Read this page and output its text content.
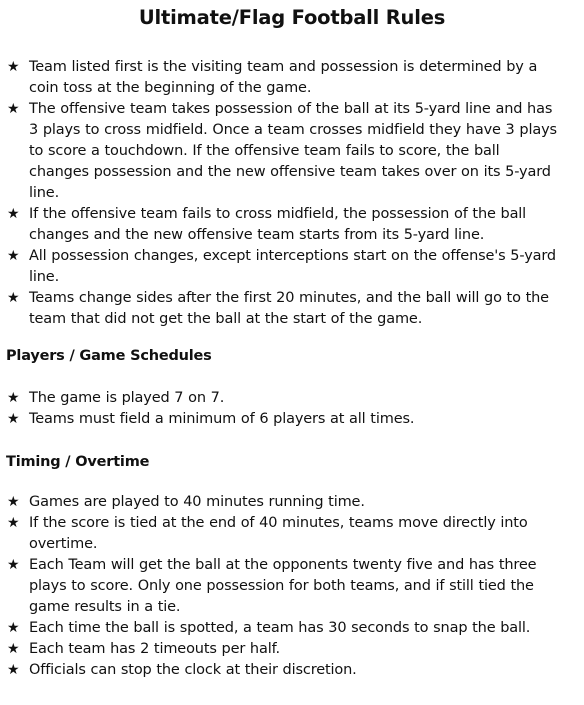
Ultimate/Flag Football Rules
★ Team listed first is the visiting team and possession is determined by a coin toss at the beginning of the game.
★ The offensive team takes possession of the ball at its 5-yard line and has 3 plays to cross midfield. Once a team crosses midfield they have 3 plays to score a touchdown. If the offensive team fails to score, the ball changes possession and the new offensive team takes over on its 5-yard line.
★ If the offensive team fails to cross midfield, the possession of the ball changes and the new offensive team starts from its 5-yard line.
★ All possession changes, except interceptions start on the offense's 5-yard line.
★ Teams change sides after the first 20 minutes, and the ball will go to the team that did not get the ball at the start of the game.
Players / Game Schedules
★ The game is played 7 on 7.
★ Teams must field a minimum of 6 players at all times.
Timing / Overtime
★ Games are played to 40 minutes running time.
★ If the score is tied at the end of 40 minutes, teams move directly into overtime.
★ Each Team will get the ball at the opponents twenty five and has three plays to score. Only one possession for both teams, and if still tied the game results in a tie.
★ Each time the ball is spotted, a team has 30 seconds to snap the ball.
★ Each team has 2 timeouts per half.
★ Officials can stop the clock at their discretion.
